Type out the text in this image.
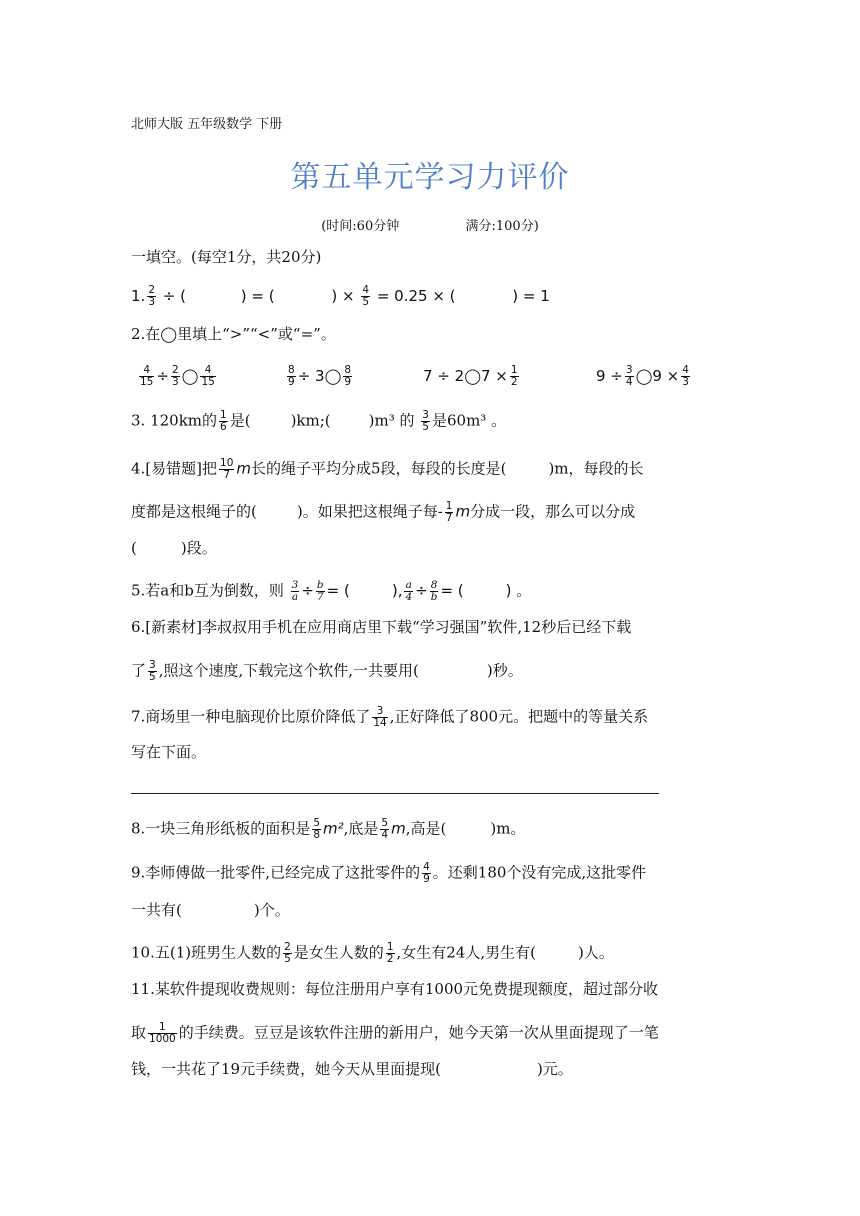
北师大版 五年级数学 下册
第五单元学习力评价
(时间:60分钟	满分:100分)
一填空。(每空1分，共20分)
1. $\frac{2}{3}$ ÷ (	) = (	) × $\frac{4}{5} = 0.25$ × (	) = 1
2.在◯里填上“>”“<”或“=”。
$\frac{4}{15} \div \frac{2}{3}$ ◯ $\frac{4}{15}$	$\frac{8}{9}$ ÷ 3◯ $\frac{8}{9}$	7 ÷ 2◯7 × $\frac{1}{2}$	$9 \div \frac{3}{4}$ ◯9 × $\frac{4}{3}$
3. 120km的 $\frac{1}{6}$ 是(	)km;(	)m³ 的 $\frac{3}{5}$ 是60m³ 。
4.[易错题]把 $\frac{10}{7}$ m长的绳子平均分成5段，每段的长度是(	)m，每段的长
度都是这根绳子的(	)。如果把这根绳子每- $\frac{1}{7}$ m分成一段，那么可以分成
(	)段。
5.若a和b互为倒数，则 $\frac{3}{a} \div \frac{b}{7}$ = (	), $\frac{a}{4} \div \frac{8}{b}$ = (	) 。
6.[新素材]李叔叔用手机在应用商店里下载“学习强国”软件,12秒后已经下载
了 $\frac{3}{5}$ ,照这个速度,下载完这个软件,一共要用(	)秒。
7.商场里一种电脑现价比原价降低了 $\frac{3}{14}$ ,正好降低了800元。把题中的等量关系
写在下面。
8.一块三角形纸板的面积是 $\frac{5}{8} m^2$,底是 $\frac{5}{4} m$,高是(	)m。
9.李师傅做一批零件,已经完成了这批零件的 $\frac{4}{9}$ 。还剩180个没有完成,这批零件
一共有(	)个。
10.五(1)班男生人数的 $\frac{2}{5}$ 是女生人数的 $\frac{1}{2}$ ,女生有24人,男生有(	)人。
11.某软件提现收费规则：每位注册用户享有1000元免费提现额度，超过部分收
取 $\frac{1}{1000}$ 的手续费。豆豆是该软件注册的新用户，她今天第一次从里面提现了一笔
钱，一共花了19元手续费，她今天从里面提现(	)元。
